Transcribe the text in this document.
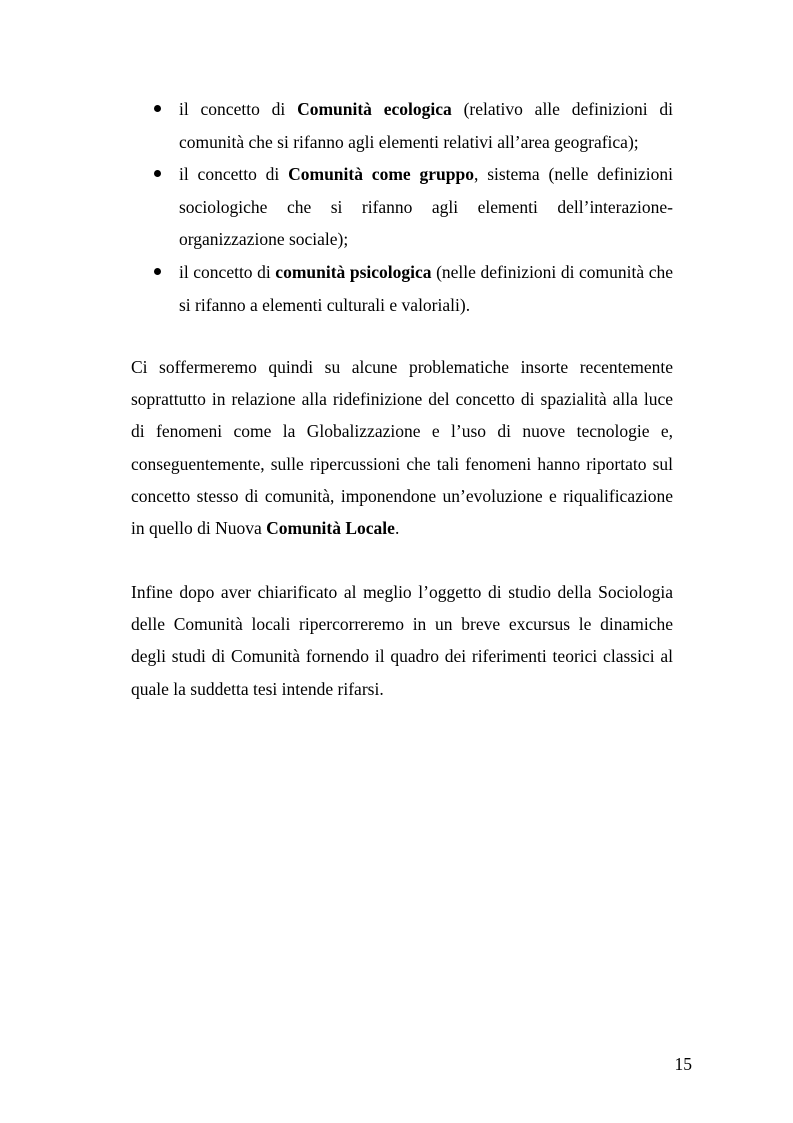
il concetto di Comunità ecologica (relativo alle definizioni di comunità che si rifanno agli elementi relativi all’area geografica);
il concetto di Comunità come gruppo, sistema (nelle definizioni sociologiche che si rifanno agli elementi dell’interazione-organizzazione sociale);
il concetto di comunità psicologica (nelle definizioni di comunità che si rifanno a elementi culturali e valoriali).

Ci soffermeremo quindi su alcune problematiche insorte recentemente soprattutto in relazione alla ridefinizione del concetto di spazialità alla luce di fenomeni come la Globalizzazione e l’uso di nuove tecnologie e, conseguentemente, sulle ripercussioni che tali fenomeni hanno riportato sul concetto stesso di comunità, imponendone un’evoluzione e riqualificazione in quello di Nuova Comunità Locale.

Infine dopo aver chiarificato al meglio l’oggetto di studio della Sociologia delle Comunità locali ripercorreremo in un breve excursus le dinamiche degli studi di Comunità fornendo il quadro dei riferimenti teorici classici al quale la suddetta tesi intende rifarsi.

15
